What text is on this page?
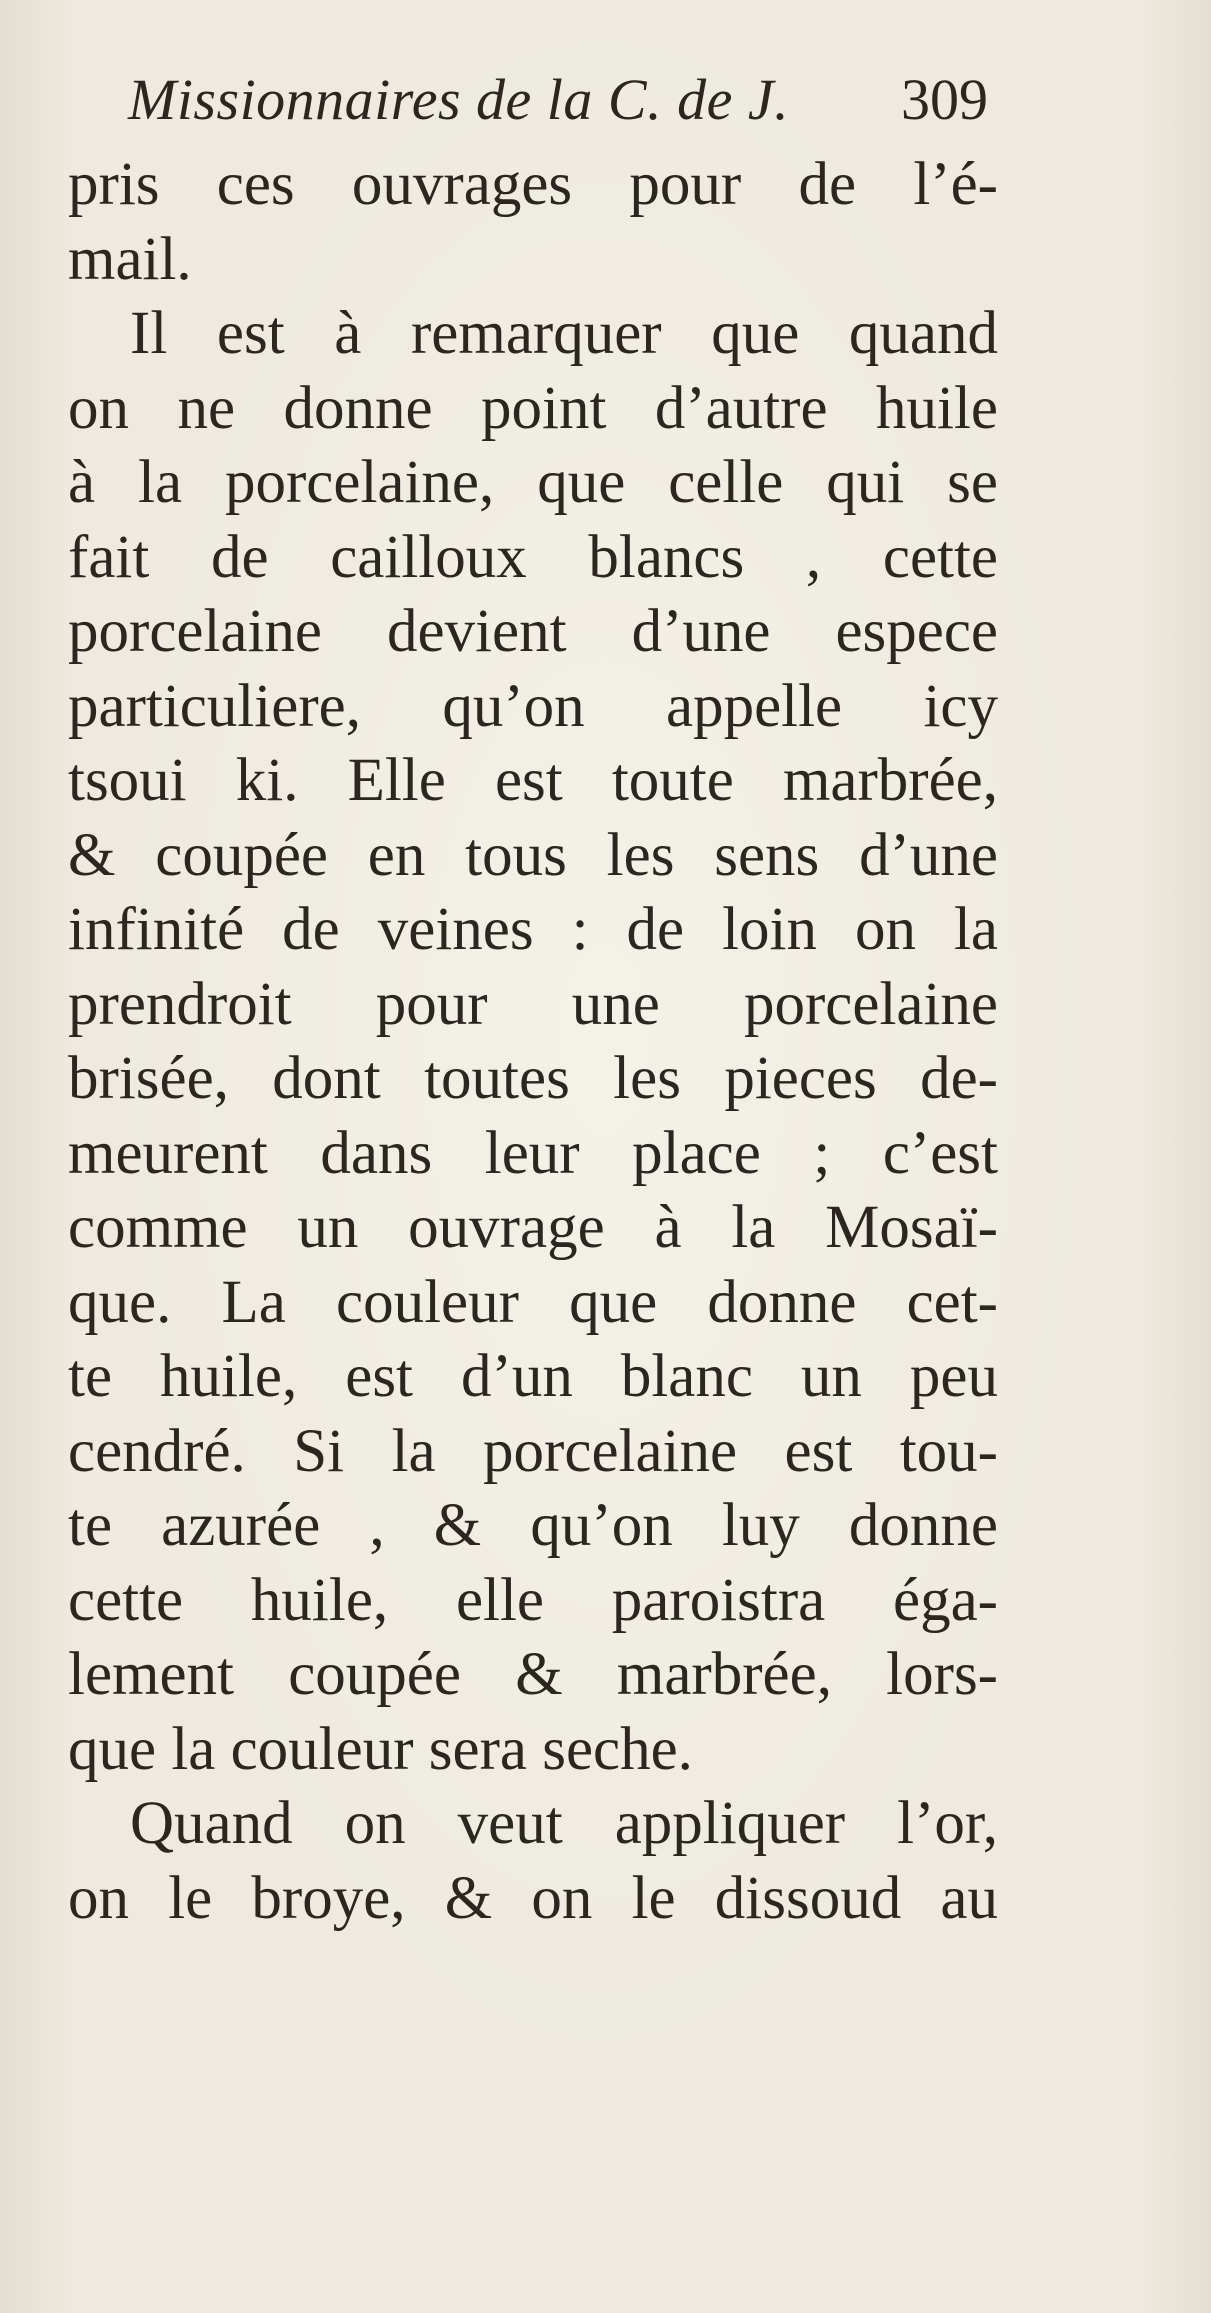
Missionnaires de la C. de J. 309
pris ces ouvrages pour de l’é-
mail.
Il est à remarquer que quand
on ne donne point d’autre huile
à la porcelaine, que celle qui se
fait de cailloux blancs , cette
porcelaine devient d’une espece
particuliere, qu’on appelle icy
tsoui ki. Elle est toute marbrée,
& coupée en tous les sens d’une
infinité de veines : de loin on la
prendroit pour une porcelaine
brisée, dont toutes les pieces de-
meurent dans leur place ; c’est
comme un ouvrage à la Mosaï-
que. La couleur que donne cet-
te huile, est d’un blanc un peu
cendré. Si la porcelaine est tou-
te azurée , & qu’on luy donne
cette huile, elle paroistra éga-
lement coupée & marbrée, lors-
que la couleur sera seche.
Quand on veut appliquer l’or,
on le broye, & on le dissoud au
